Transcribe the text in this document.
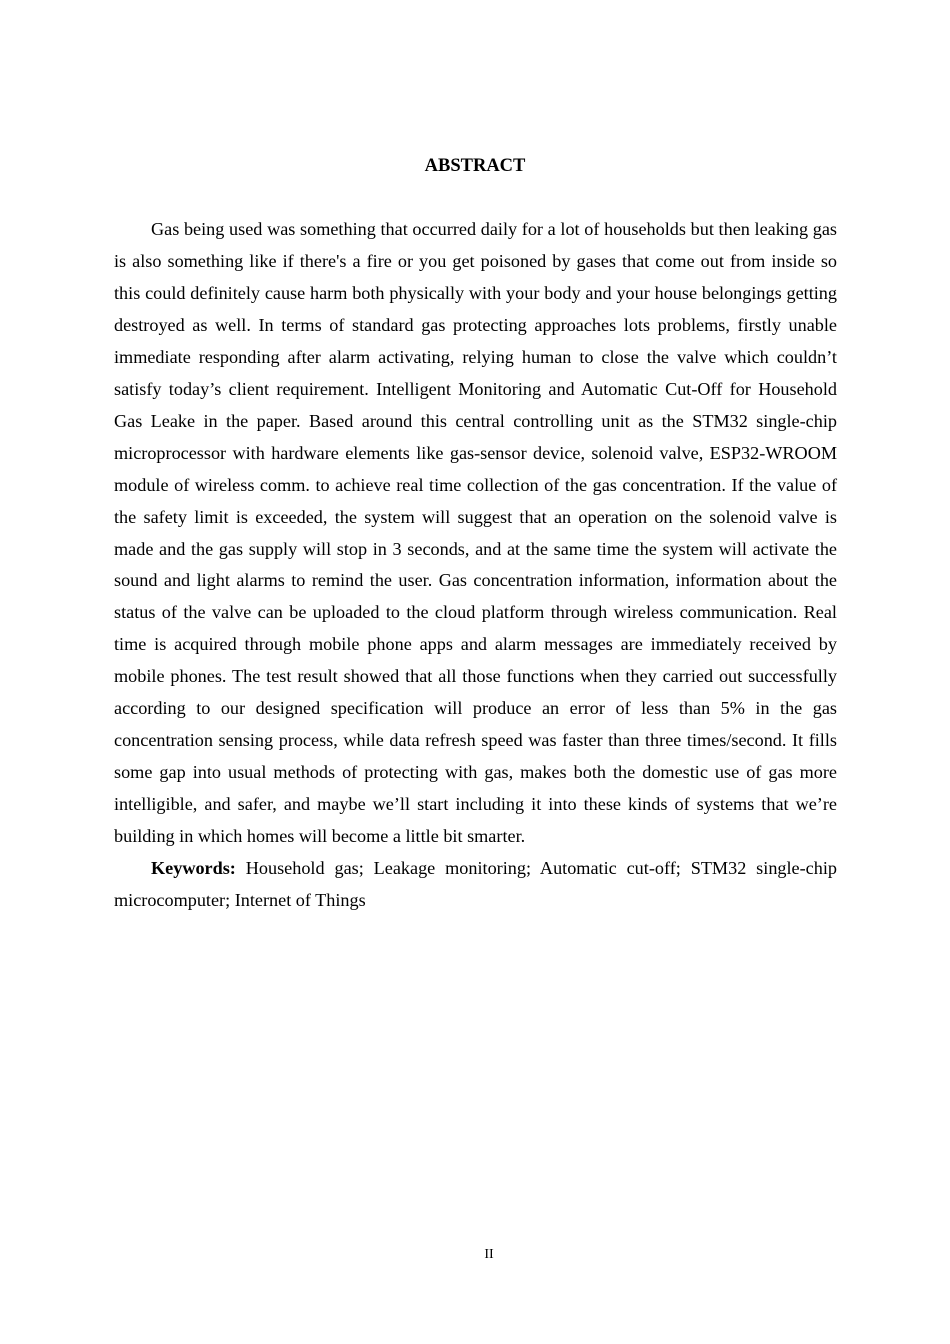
ABSTRACT

Gas being used was something that occurred daily for a lot of households but then leaking gas is also something like if there's a fire or you get poisoned by gases that come out from inside so this could definitely cause harm both physically with your body and your house belongings getting destroyed as well. In terms of standard gas protecting approaches lots problems, firstly unable immediate responding after alarm activating, relying human to close the valve which couldn’t satisfy today’s client requirement. Intelligent Monitoring and Automatic Cut-Off for Household Gas Leake in the paper. Based around this central controlling unit as the STM32 single-chip microprocessor with hardware elements like gas-sensor device, solenoid valve, ESP32-WROOM module of wireless comm. to achieve real time collection of the gas concentration. If the value of the safety limit is exceeded, the system will suggest that an operation on the solenoid valve is made and the gas supply will stop in 3 seconds, and at the same time the system will activate the sound and light alarms to remind the user. Gas concentration information, information about the status of the valve can be uploaded to the cloud platform through wireless communication. Real time is acquired through mobile phone apps and alarm messages are immediately received by mobile phones. The test result showed that all those functions when they carried out successfully according to our designed specification will produce an error of less than 5% in the gas concentration sensing process, while data refresh speed was faster than three times/second. It fills some gap into usual methods of protecting with gas, makes both the domestic use of gas more intelligible, and safer, and maybe we’ll start including it into these kinds of systems that we’re building in which homes will become a little bit smarter.

Keywords: Household gas; Leakage monitoring; Automatic cut-off; STM32 single-chip microcomputer; Internet of Things

II
